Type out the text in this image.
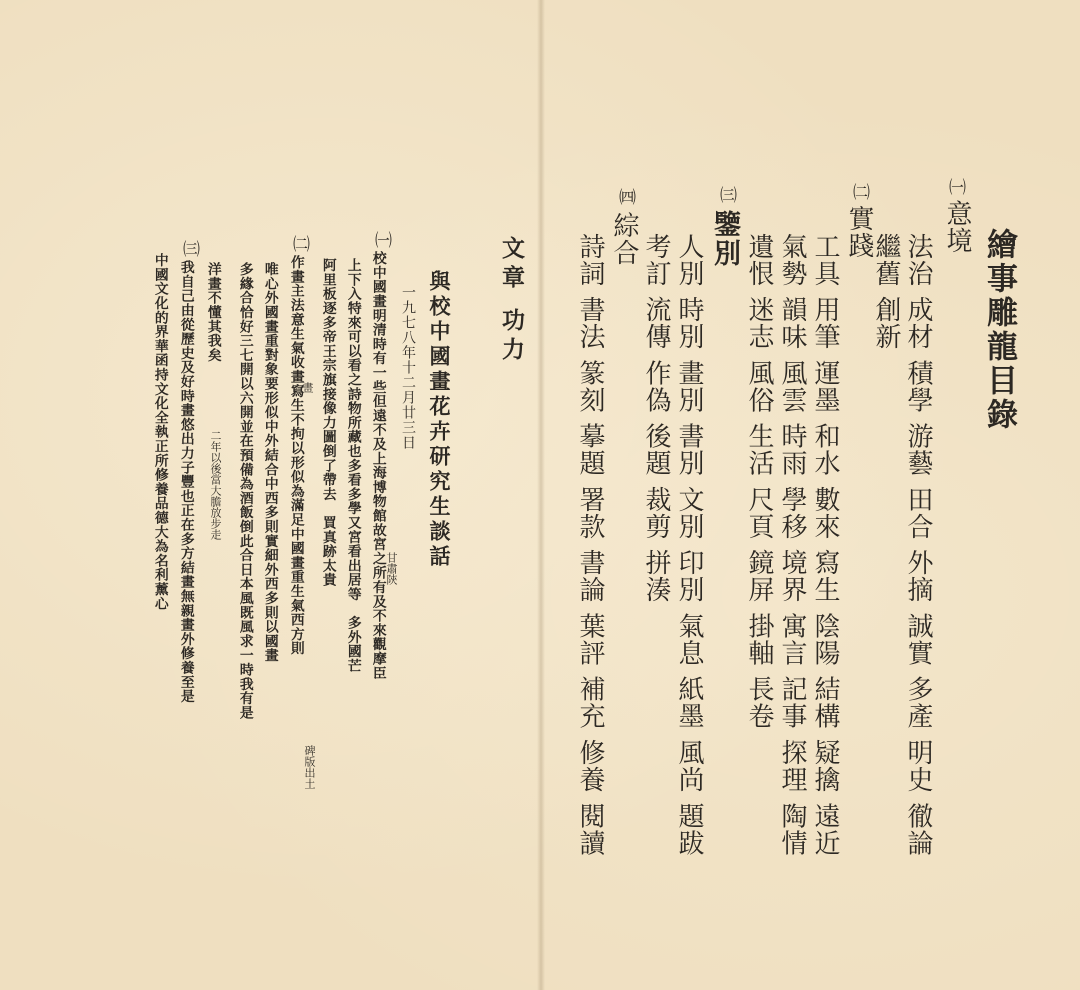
繪事雕龍目錄
㈠
意境
法治 成材 積學 游藝 田合 外摘 誠實 多產 明史 徹論
繼舊 創新
㈡
實踐
工具 用筆 運墨 和水 數來 寫生 陰陽 結構 疑擒 遠近
氣勢 韻味 風雲 時雨 學移 境界 寓言 記事 探理 陶情
遺恨 迷志 風俗 生活 尺頁 鏡屏 掛軸 長卷
㈢
鑒別
人別 時別 畫別 書別 文別 印別 氣息 紙墨 風尚 題跋
考訂 流傳 作偽 後題 裁剪 拼湊
㈣
綜合
詩詞 書法 篆刻 摹題 署款 書論 葉評 補充 修養 閱讀
文章 功力
與校中國畫花卉研究生談話
一九七八年十二月廿三日
㈠
甘肅陝
校中國畫明清時有一些但遠不及上海博物館故宮之所有及不來觀摩臣
上下入特來可以看之詩物所藏也多看多學又宮看出居等　多外國芒
阿里板逐多帝王宗旗接像力圖倒了帶去　買真跡太貴
碑版出土
㈡
畫
作畫主法意生氣收畫寫生不拘以形似為滿足中國畫重生氣西方則
唯心外國畫重對象要形似中外結合中西多則實細外西多則以國畫
多緣合恰好三七開以六開並在預備為酒飯倒此合日本風既風求一時我有是
二年以後當大膽放步走
洋畫不懂其我矣
㈢
我自己由從歷史及好時畫悠出力子豐也正在多方結畫無親畫外修養至是
中國文化的界華函持文化全執正所修養品德大為名利薰心
